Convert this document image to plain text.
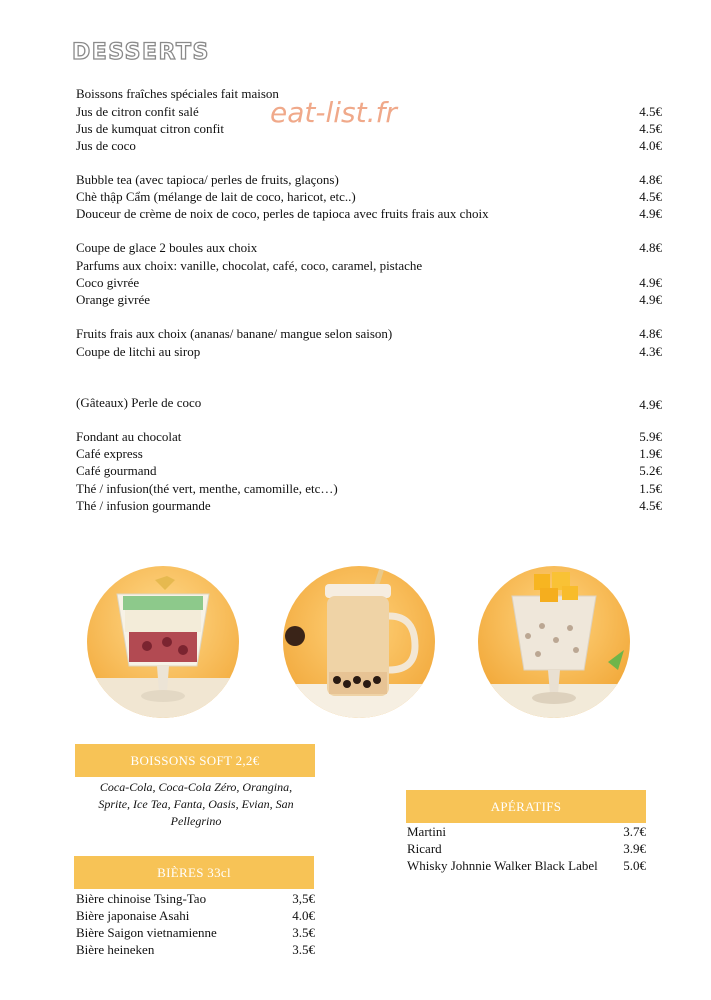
DESSERTS
eat-list.fr
Boissons fraîches spéciales fait maison
Jus de citron confit salé	4.5€
Jus de kumquat citron confit	4.5€
Jus de coco	4.0€
Bubble tea (avec tapioca/ perles de fruits, glaçons)	4.8€
Chè thập Cẩm (mélange de lait de coco, haricot, etc..)	4.5€
Douceur de crème de noix de coco, perles de tapioca avec fruits frais aux choix	4.9€
Coupe de glace 2 boules aux choix	4.8€
Parfums aux choix: vanille, chocolat, café, coco, caramel, pistache
Coco givrée	4.9€
Orange givrée	4.9€
Fruits frais aux choix (ananas/ banane/ mangue selon saison)	4.8€
Coupe de litchi au sirop	4.3€
(Gâteaux) Perle de coco	4.9€
Fondant au chocolat	5.9€
Café express	1.9€
Café gourmand	5.2€
Thé / infusion(thé vert, menthe, camomille, etc…)	1.5€
Thé / infusion gourmande	4.5€
BOISSONS SOFT 2,2€
Coca-Cola, Coca-Cola Zéro, Orangina, Sprite, Ice Tea, Fanta, Oasis, Evian, San Pellegrino
APÉRATIFS
Martini	3.7€
Ricard	3.9€
Whisky Johnnie Walker Black Label 5.0€
BIÈRES 33cl
Bière chinoise Tsing-Tao	3,5€
Bière japonaise Asahi	4.0€
Bière Saigon vietnamienne	3.5€
Bière heineken	3.5€
